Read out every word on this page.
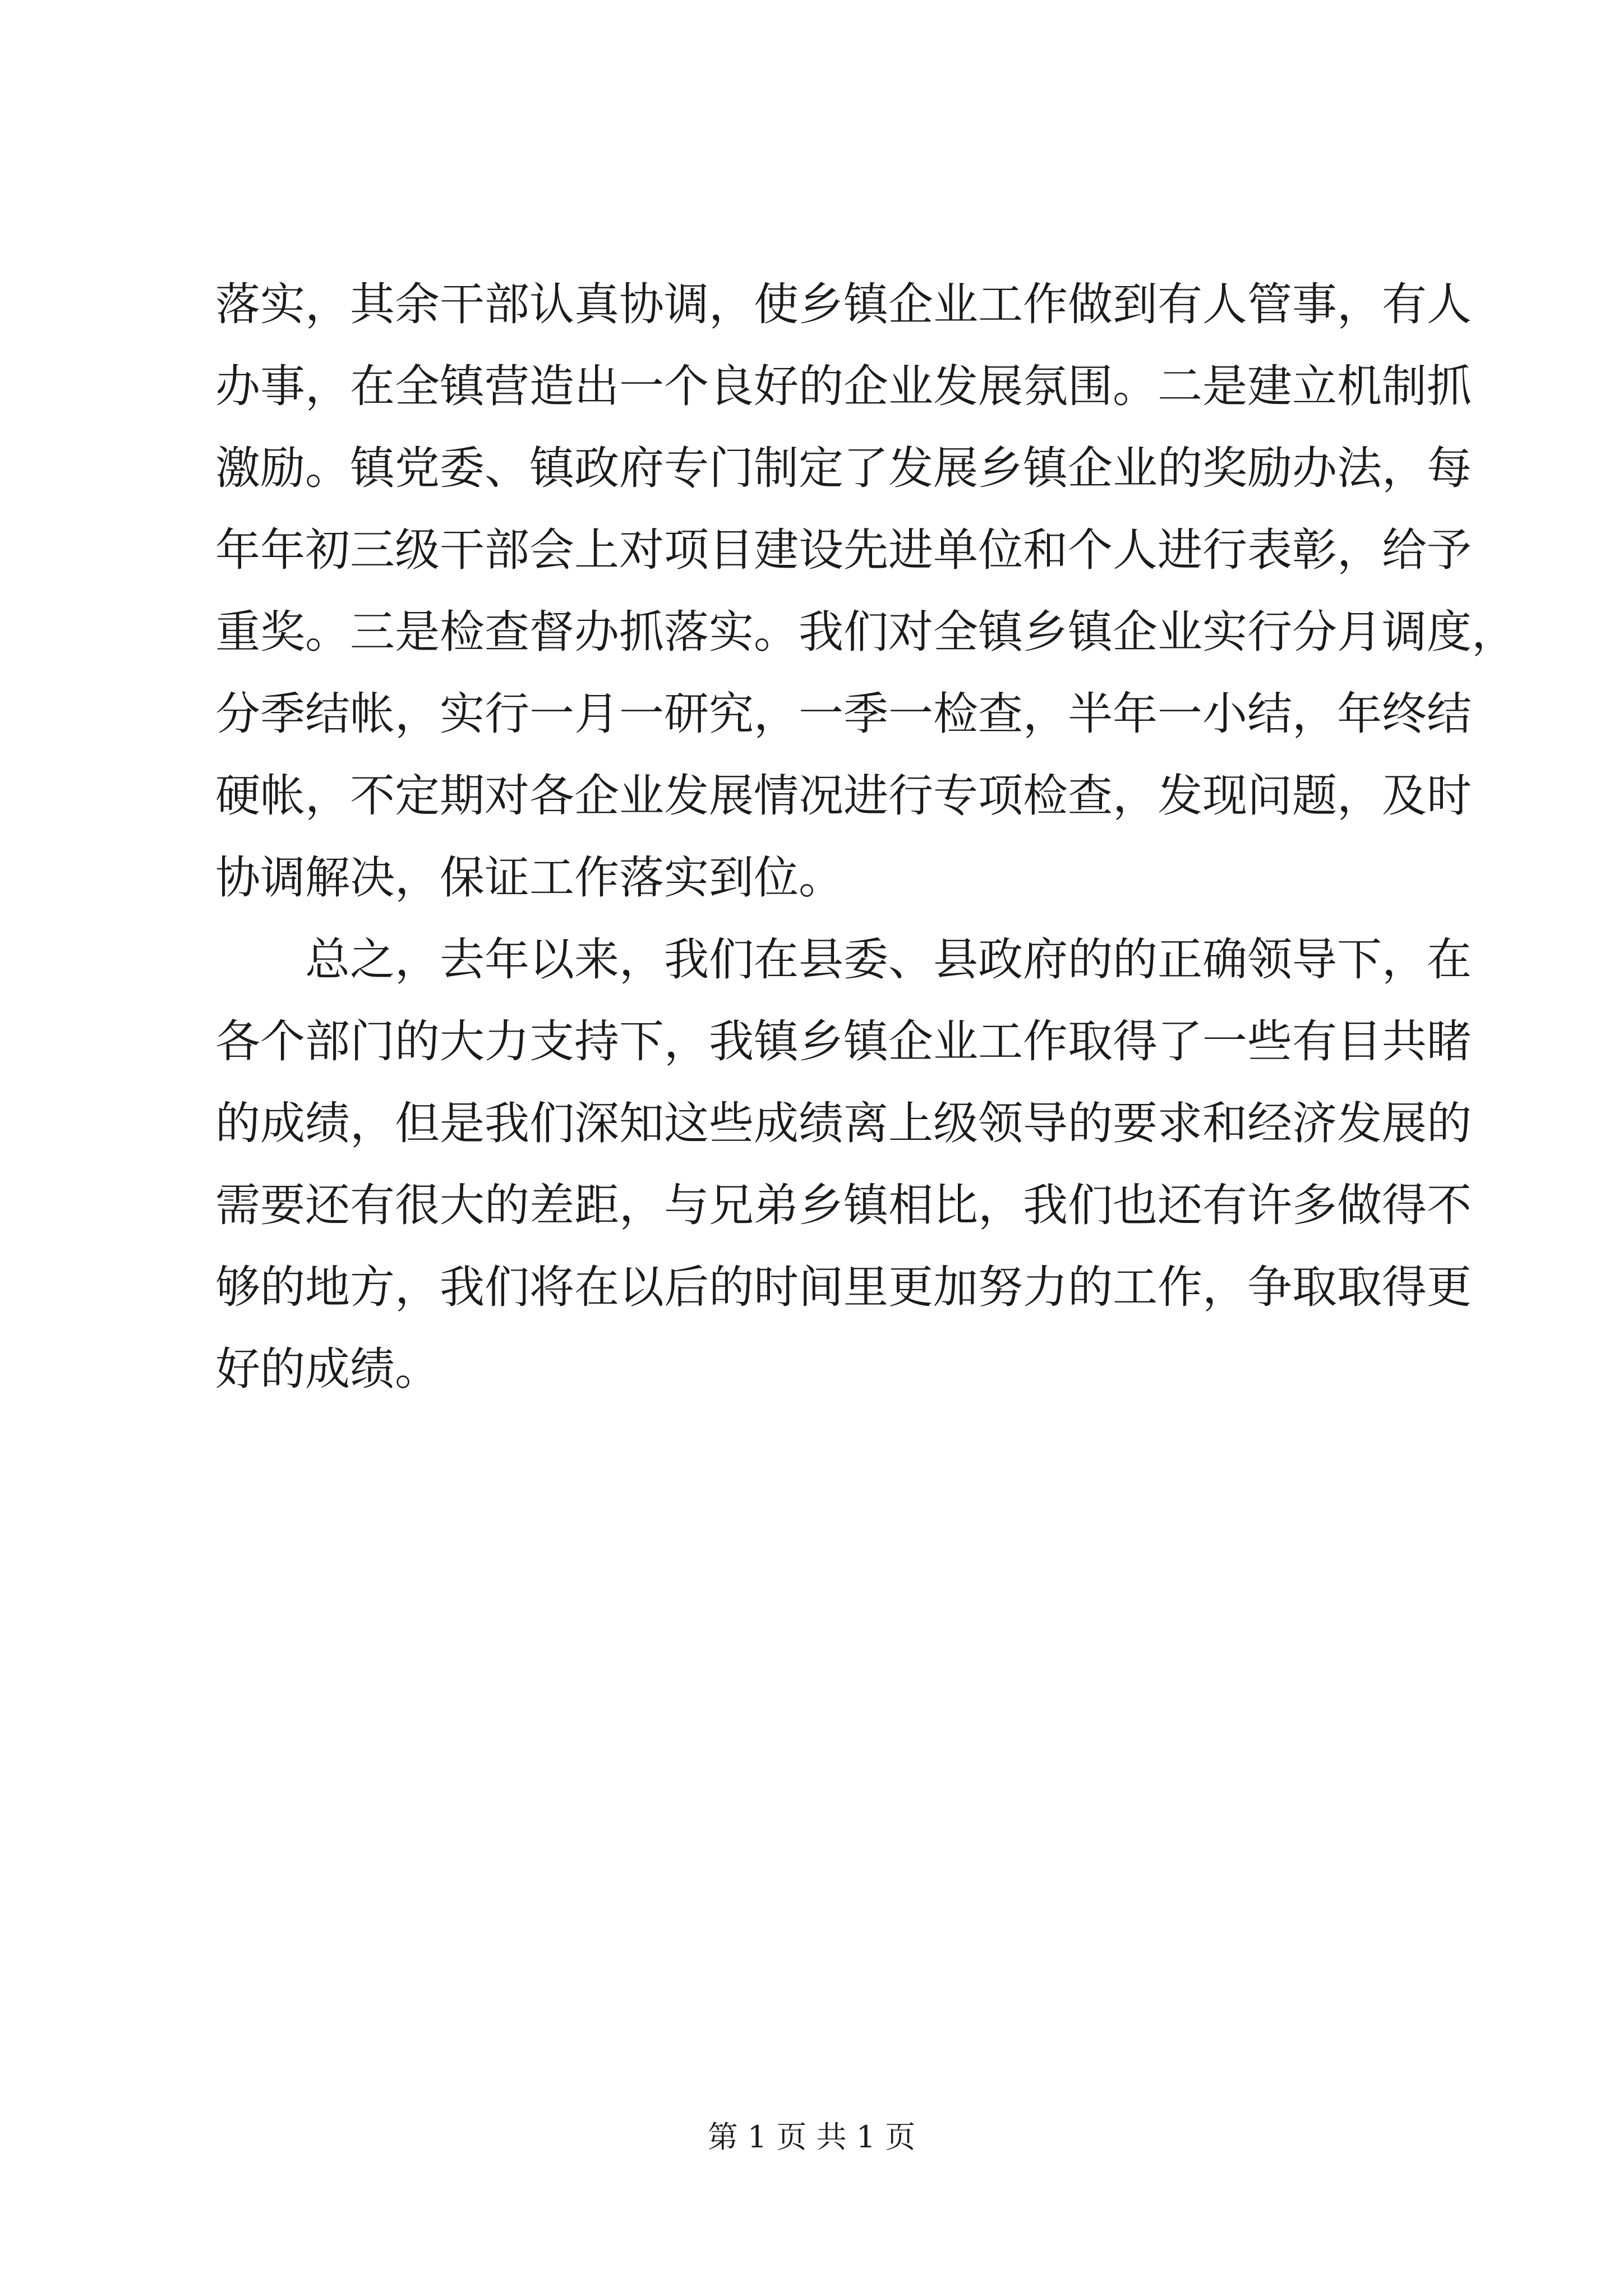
落实，其余干部认真协调，使乡镇企业工作做到有人管事，有人
办事，在全镇营造出一个良好的企业发展氛围。二是建立机制抓
激励。镇党委、镇政府专门制定了发展乡镇企业的奖励办法，每
年年初三级干部会上对项目建设先进单位和个人进行表彰，给予
重奖。三是检查督办抓落实。我们对全镇乡镇企业实行分月调度，
分季结帐，实行一月一研究，一季一检查，半年一小结，年终结
硬帐，不定期对各企业发展情况进行专项检查，发现问题，及时
协调解决，保证工作落实到位。
总之，去年以来，我们在县委、县政府的的正确领导下，在
各个部门的大力支持下，我镇乡镇企业工作取得了一些有目共睹
的成绩，但是我们深知这些成绩离上级领导的要求和经济发展的
需要还有很大的差距，与兄弟乡镇相比，我们也还有许多做得不
够的地方，我们将在以后的时间里更加努力的工作，争取取得更
好的成绩。
第 1 页 共 1 页
